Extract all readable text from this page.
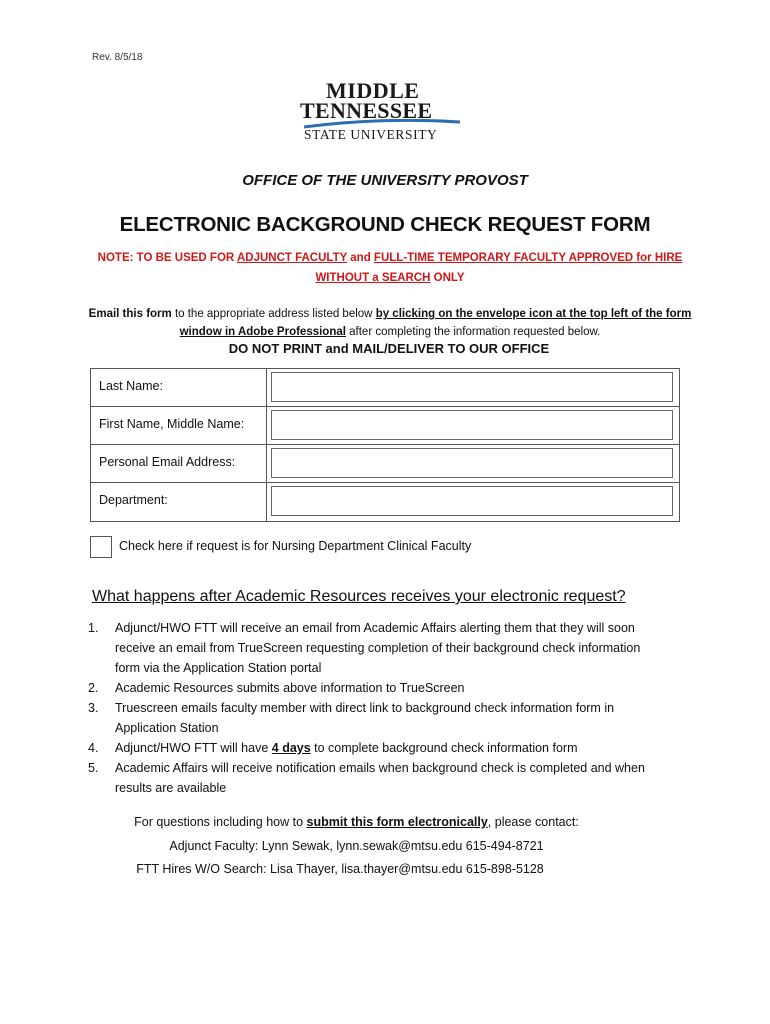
Rev. 8/5/18
MIDDLE
TENNESSEE
STATE UNIVERSITY
OFFICE OF THE UNIVERSITY PROVOST
ELECTRONIC BACKGROUND CHECK REQUEST FORM
NOTE: TO BE USED FOR ADJUNCT FACULTY and FULL-TIME TEMPORARY FACULTY APPROVED for HIRE
WITHOUT a SEARCH ONLY
Email this form to the appropriate address listed below by clicking on the envelope icon at the top left of the form window in Adobe Professional after completing the information requested below.
DO NOT PRINT and MAIL/DELIVER TO OUR OFFICE
Last Name:
First Name, Middle Name:
Personal Email Address:
Department:
Check here if request is for Nursing Department Clinical Faculty
What happens after Academic Resources receives your electronic request?
1. Adjunct/HWO FTT will receive an email from Academic Affairs alerting them that they will soon receive an email from TrueScreen requesting completion of their background check information form via the Application Station portal
2. Academic Resources submits above information to TrueScreen
3. Truescreen emails faculty member with direct link to background check information form in Application Station
4. Adjunct/HWO FTT will have 4 days to complete background check information form
5. Academic Affairs will receive notification emails when background check is completed and when results are available
For questions including how to submit this form electronically, please contact:
Adjunct Faculty: Lynn Sewak, lynn.sewak@mtsu.edu 615-494-8721
FTT Hires W/O Search: Lisa Thayer, lisa.thayer@mtsu.edu 615-898-5128
